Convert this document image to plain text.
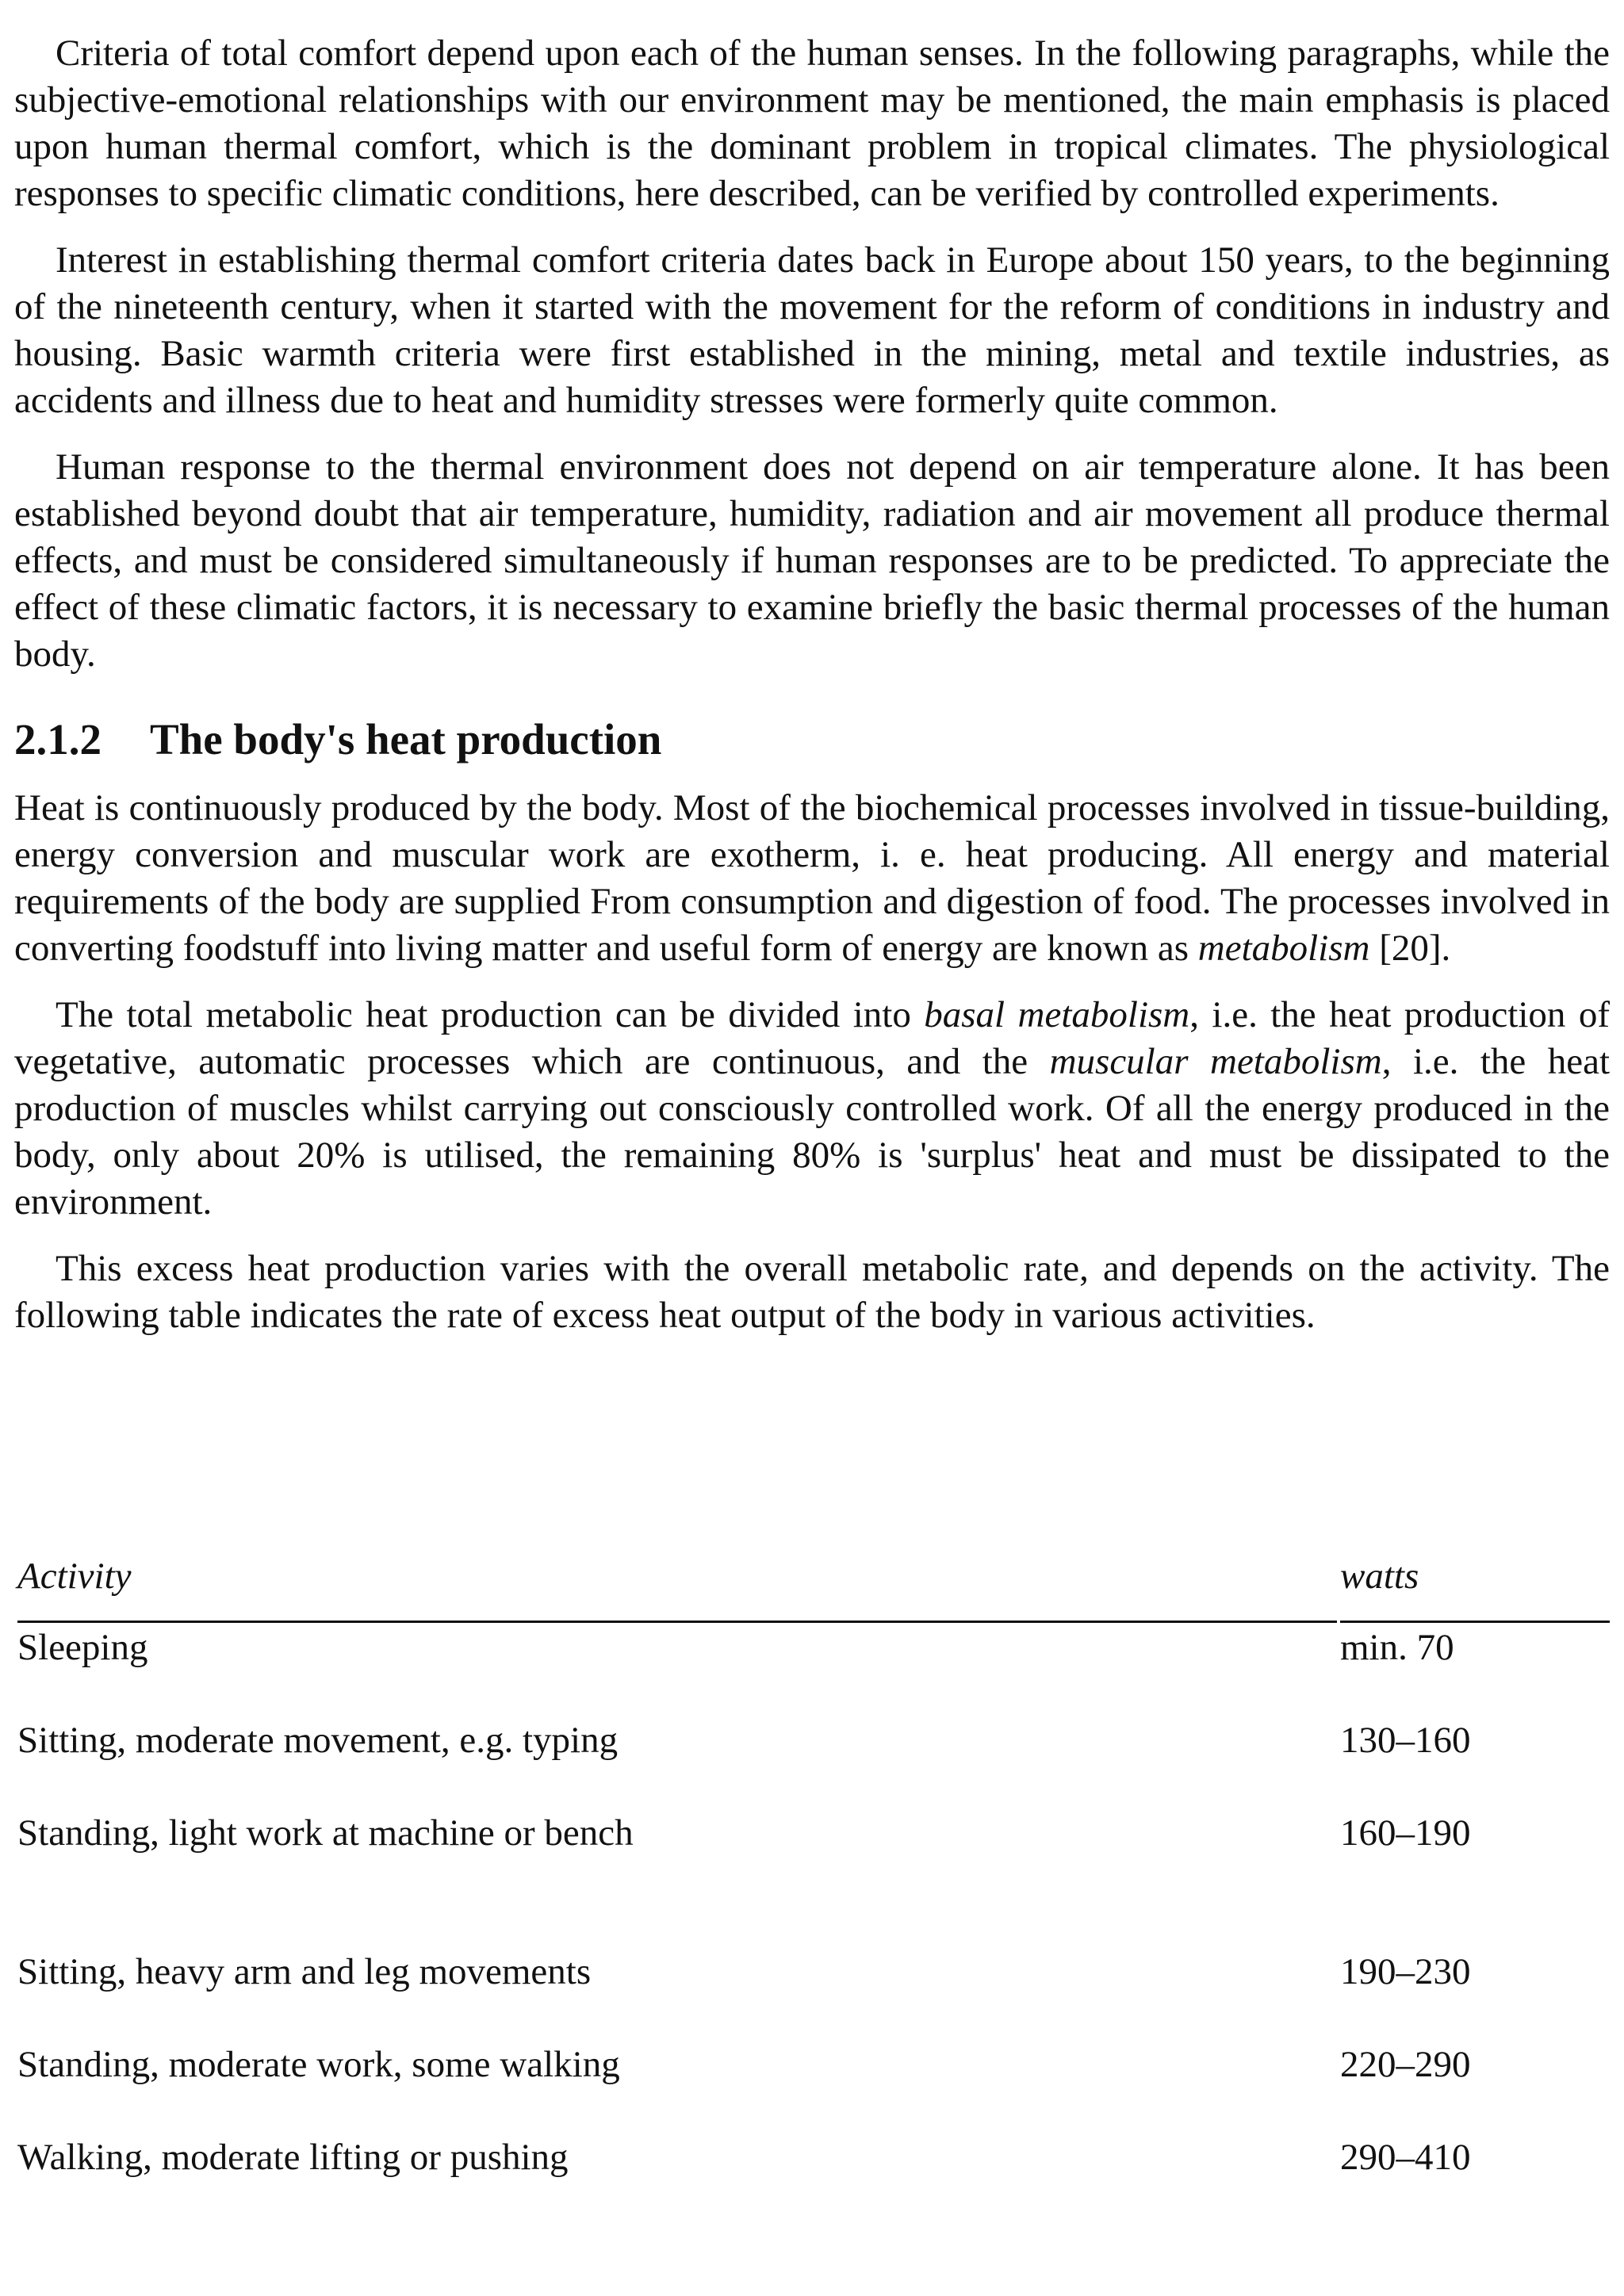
Criteria of total comfort depend upon each of the human senses. In the following paragraphs, while the subjective-emotional relationships with our environment may be mentioned, the main emphasis is placed upon human thermal comfort, which is the dominant problem in tropical climates. The physiological responses to specific climatic conditions, here described, can be verified by controlled experiments.

Interest in establishing thermal comfort criteria dates back in Europe about 150 years, to the beginning of the nineteenth century, when it started with the movement for the reform of conditions in industry and housing. Basic warmth criteria were first established in the mining, metal and textile industries, as accidents and illness due to heat and humidity stresses were formerly quite common.

Human response to the thermal environment does not depend on air temperature alone. It has been established beyond doubt that air temperature, humidity, radiation and air movement all produce thermal effects, and must be considered simultaneously if human responses are to be predicted. To appreciate the effect of these climatic factors, it is necessary to examine briefly the basic thermal processes of the human body.

2.1.2 The body's heat production

Heat is continuously produced by the body. Most of the biochemical processes involved in tissue-building, energy conversion and muscular work are exotherm, i. e. heat producing. All energy and material requirements of the body are supplied From consumption and digestion of food. The processes involved in converting foodstuff into living matter and useful form of energy are known as metabolism [20].

The total metabolic heat production can be divided into basal metabolism, i.e. the heat production of vegetative, automatic processes which are continuous, and the muscular metabolism, i.e. the heat production of muscles whilst carrying out consciously controlled work. Of all the energy produced in the body, only about 20% is utilised, the remaining 80% is 'surplus' heat and must be dissipated to the environment.

This excess heat production varies with the overall metabolic rate, and depends on the activity. The following table indicates the rate of excess heat output of the body in various activities.

Activity	watts
Sleeping	min. 70
Sitting, moderate movement, e.g. typing	130–160
Standing, light work at machine or bench	160–190
Sitting, heavy arm and leg movements	190–230
Standing, moderate work, some walking	220–290
Walking, moderate lifting or pushing	290–410
